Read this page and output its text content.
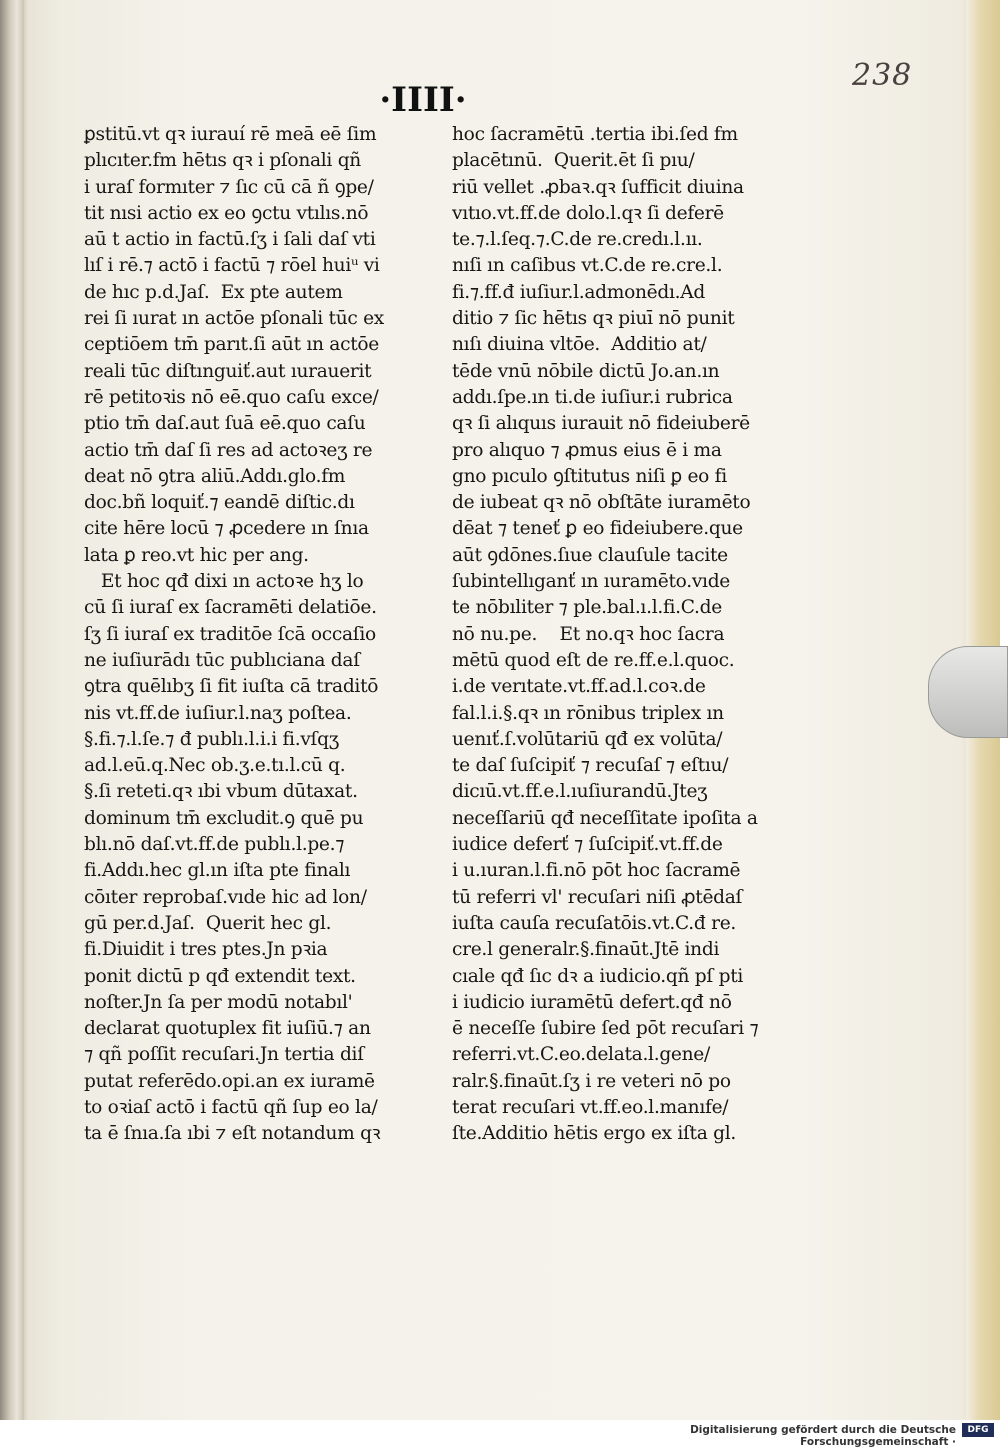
238
·IIII·
ꝑstitū.vt qꝛ iurauí rē meā eē ſim
plıcıter.fm hētıs qꝛ i pſonali qñ
i uraſ formıter ⁊ ſıc cū cā ñ ꝯpe/
tit nısi actio ex eo ꝯctu vtılıs.nō
aū t actio in factū.ſʒ i ſali daſ vti
lıſ i rē.⁊ actō i factū ⁊ rōel huiᵘ vi
de hıc p.d.Jaſ.  Ex pte autem
rei ſi ıurat ın actōe pſonali tūc ex
ceptiōem tm̄ parıt.ſi aūt ın actōe
reali tūc diſtınguiť.aut ıurauerit
rē petitoꝛis nō eē.quo caſu exce/
ptio tm̄ daſ.aut ſuā eē.quo caſu
actio tm̄ daſ ſi res ad actoꝛeʒ re
deat nō ꝯtra aliū.Addı.glo.fm
doc.bñ loquiť.⁊ eandē diſtic.dı
cite hēre locū ⁊ ꝓcedere ın ſnıa
lata ꝑ reo.vt hic per ang.
Et hoc qđ dixi ın actoꝛe hʒ lo
cū ſi iuraſ ex ſacramēti delatiōe.
ſʒ ſi iuraſ ex traditōe ſcā occaſio
ne iuſiurādı tūc publıciana daſ
ꝯtra quēlıbʒ ſi fit iuſta cā traditō
nis vt.ff.de iuſiur.l.naʒ poſtea.
§.fi.⁊.l.ſe.⁊ đ publı.l.i.i fi.vſqʒ
ad.l.eū.q.Nec ob.ʒ.e.tı.l.cū q.
§.ſi reteti.qꝛ ıbi vbum dūtaxat.
dominum tm̄ excludit.ꝯ quē pu
blı.nō daſ.vt.ff.de publı.l.pe.⁊
fi.Addı.hec gl.ın iſta pte finalı
cōıter reprobaſ.vıde hic ad lon/
gū per.d.Jaſ.  Querit hec gl.
fi.Diuidit i tres ptes.Jn pꝛia
ponit dictū p qđ extendit text.
noſter.Jn ſa per modū notabıl'
declarat quotuplex fit iuſiū.⁊ an
⁊ qñ poſſit recuſari.Jn tertia diſ
putat referēdo.opi.an ex iuramē
to oꝛiaſ actō i factū qñ ſup eo la/
ta ē ſnıa.ſa ıbi ⁊ eſt notandum qꝛ
hoc ſacramētū .tertia ibi.ſed fm
placētınū.  Querit.ēt ſi pıu/
riū vellet .ꝓbaꝛ.qꝛ ſufficit diuina
vıtıo.vt.ff.de dolo.l.qꝛ ſi deferē
te.⁊.l.ſeq.⁊.C.de re.credı.l.ıı.
nıſi ın caſibus vt.C.de re.cre.l.
fi.⁊.ff.đ iuſiur.l.admonēdı.Ad
ditio ⁊ ſic hētıs qꝛ piuī nō punit
nıſı diuina vltōe.  Additio at/
tēde vnū nōbile dictū Jo.an.ın
addı.ſpe.ın ti.de iuſiur.i rubrica
qꝛ ſi alıquıs iurauit nō fideiuberē
pro alıquo ⁊ ꝓmus eius ē i ma
gno pıculo ꝯſtitutus niſi ꝑ eo fi
de iubeat qꝛ nō obſtāte iuramēto
dēat ⁊ teneť ꝑ eo fideiubere.que
aūt ꝯdōnes.ſıue clauſule tacite
ſubintellıganť ın ıuramēto.vıde
te nōbıliter ⁊ ple.bal.ı.l.fi.C.de
nō nu.pe.    Et no.qꝛ hoc ſacra
mētū quod eſt de re.ff.e.l.quoc.
i.de verıtate.vt.ff.ad.l.coꝛ.de
fal.l.i.§.qꝛ ın rōnibus triplex ın
uenıť.ſ.volūtariū qđ ex volūta/
te daſ ſuſcipiť ⁊ recuſaſ ⁊ eſtıu/
dicıū.vt.ff.e.l.ıuſiurandū.Jteʒ
neceſſariū qđ neceſſitate ipoſita a
iudice deferť ⁊ ſuſcipiť.vt.ff.de
i u.ıuran.l.fi.nō pōt hoc ſacramē
tū referri vl' recuſari niſi ꝓtēdaſ
iuſta cauſa recuſatōis.vt.C.đ re.
cre.l generalr.§.finaūt.Jtē indi
cıale qđ ſıc dꝛ a iudicio.qñ pſ pti
i iudicio iuramētū defert.qđ nō
ē neceſſe ſubire ſed pōt recuſari ⁊
referri.vt.C.eo.delata.l.gene/
ralr.§.finaūt.ſʒ i re veteri nō po
terat recuſari vt.ff.eo.l.manıfe/
ſte.Additio hētis ergo ex iſta gl.
Digitalisierung gefördert durch die Deutsche Forschungsgemeinschaft ·
DFG
